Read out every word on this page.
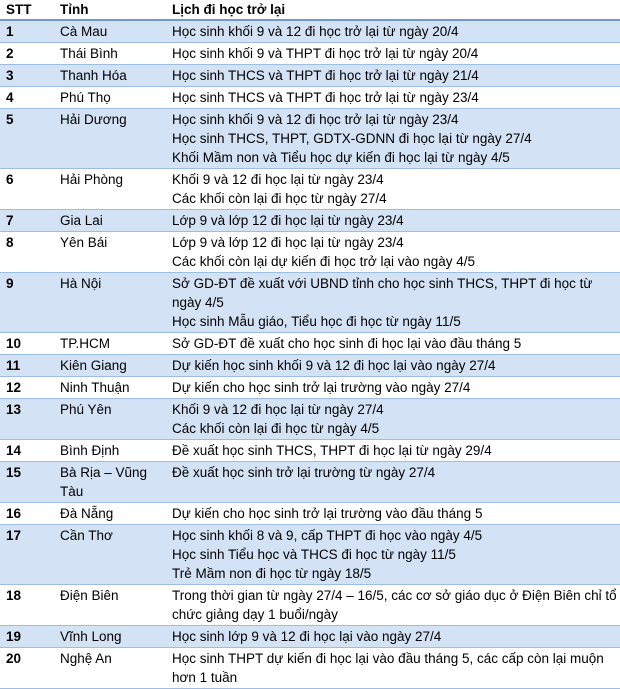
STT	Tỉnh	Lịch đi học trở lại
1	Cà Mau	Học sinh khối 9 và 12 đi học trở lại từ ngày 20/4

2	Thái Bình	Học sinh khối 9 và THPT đi học trở lại từ ngày 20/4

3	Thanh Hóa	Học sinh THCS và THPT đi học trở lại từ ngày 21/4

4	Phú Thọ	Học sinh THCS và THPT đi học trở lại từ ngày 23/4

5	Hải Dương	Học sinh khối 9 và 12 đi học trở lại từ ngày 23/4
Học sinh THCS, THPT, GDTX-GDNN đi học lại từ ngày 27/4
Khối Mầm non và Tiểu học dự kiến đi học lại từ ngày 4/5

6	Hải Phòng	Khối 9 và 12 đi học lại từ ngày 23/4
Các khối còn lại đi học từ ngày 27/4

7	Gia Lai	Lớp 9 và lớp 12 đi học lại từ ngày 23/4

8	Yên Bái	Lớp 9 và lớp 12 đi học lại từ ngày 23/4
Các khối còn lại dự kiến đi học trở lại vào ngày 4/5

9	Hà Nội	Sở GD-ĐT đề xuất với UBND tỉnh cho học sinh THCS, THPT đi học từ ngày 4/5
Học sinh Mẫu giáo, Tiểu học đi học từ ngày 11/5

10	TP.HCM	Sở GD-ĐT đề xuất cho học sinh đi học lại vào đầu tháng 5

11	Kiên Giang	Dự kiến học sinh khối 9 và 12 đi học lại vào ngày 27/4

12	Ninh Thuận	Dự kiến cho học sinh trở lại trường vào ngày 27/4

13	Phú Yên	Khối 9 và 12 đi học lại từ ngày 27/4
Các khối còn lại đi học từ ngày 4/5

14	Bình Định	Đề xuất học sinh THCS, THPT đi học lại từ ngày 29/4

15	Bà Rịa – Vũng Tàu	Đề xuất học sinh trở lại trường từ ngày 27/4

16	Đà Nẵng	Dự kiến cho học sinh trở lại trường vào đầu tháng 5

17	Cần Thơ	Học sinh khối 8 và 9, cấp THPT đi học vào ngày 4/5
Học sinh Tiểu học và THCS đi học từ ngày 11/5
Trẻ Mầm non đi học từ ngày 18/5

18	Điện Biên	Trong thời gian từ ngày 27/4 – 16/5, các cơ sở giáo dục ở Điện Biên chỉ tổ chức giảng dạy 1 buổi/ngày

19	Vĩnh Long	Học sinh lớp 9 và 12 đi học lại vào ngày 27/4

20	Nghệ An	Học sinh THPT dự kiến đi học lại vào đầu tháng 5, các cấp còn lại muộn hơn 1 tuần
